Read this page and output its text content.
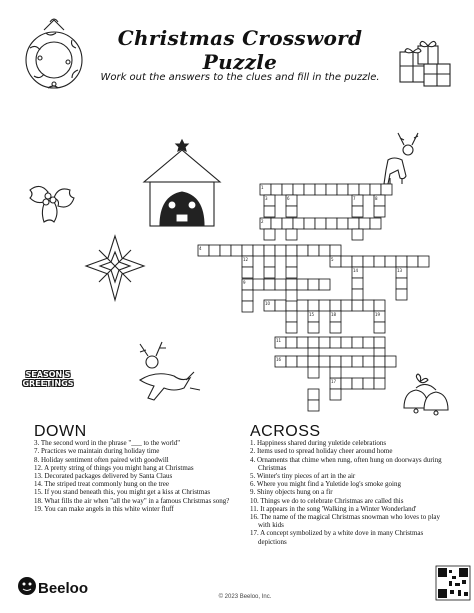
Christmas Crossword Puzzle
Work out the answers to the clues and fill in the puzzle.
1
2
3
4
5
6	7	8
9
10
11
12
13
14
15
16
17
18	19
SEASON'S GREETINGS
DOWN

3. The second word in the phrase "___ to the world"

7. Practices we maintain during holiday time

8. Holiday sentiment often paired with goodwill

12. A pretty string of things you might hang at Christmas

13. Decorated packages delivered by Santa Claus

14. The striped treat commonly hung on the tree

15. If you stand beneath this, you might get a kiss at Christmas

18. What fills the air when "all the way" in a famous Christmas song?

19. You can make angels in this white winter fluff

ACROSS

1. Happiness shared during yuletide celebrations

2. Items used to spread holiday cheer around home

4. Ornaments that chime when rung, often hung on doorways during Christmas

5. Winter's tiny pieces of art in the air

6. Where you might find a Yuletide log's smoke going

9. Shiny objects hung on a fir

10. Things we do to celebrate Christmas are called this

11. It appears in the song 'Walking in a Winter Wonderland'

16. The name of the magical Christmas snowman who loves to play with kids

17. A concept symbolized by a white dove in many Christmas depictions

Beeloo	© 2023 Beeloo, Inc.
